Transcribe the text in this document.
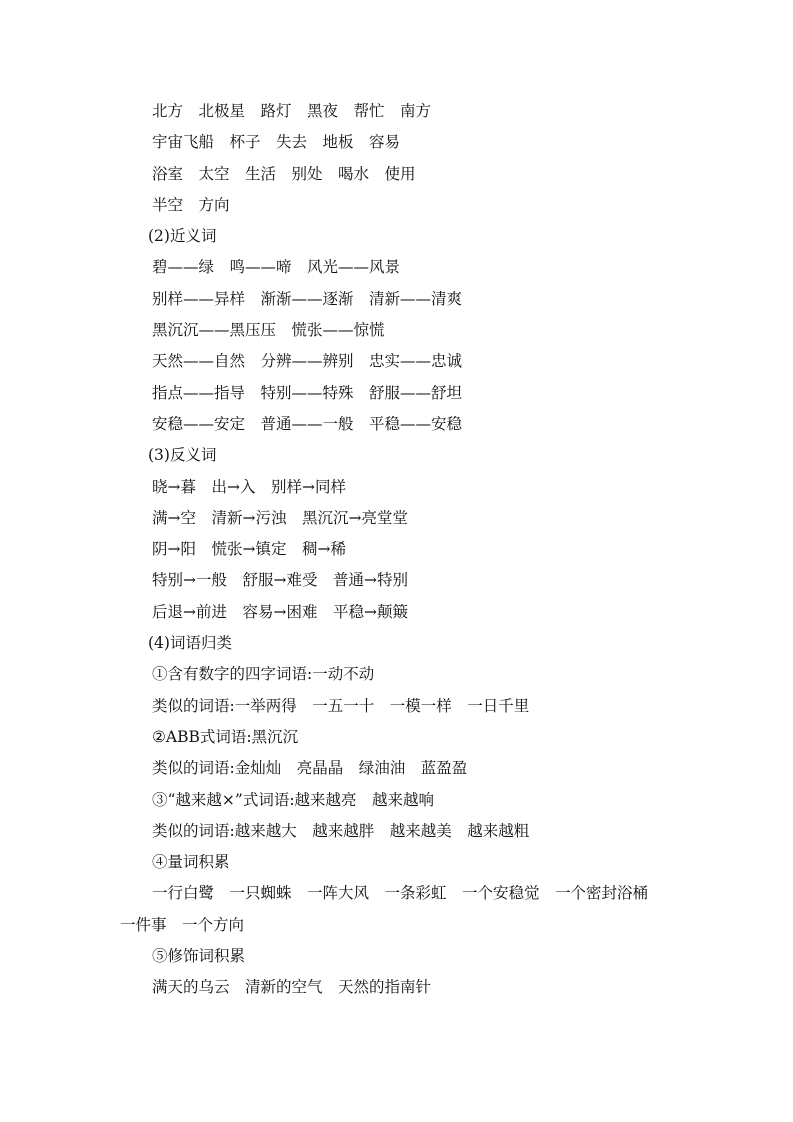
北方　北极星　路灯　黑夜　帮忙　南方
宇宙飞船　杯子　失去　地板　容易
浴室　太空　生活　别处　喝水　使用
半空　方向
(2)近义词
碧——绿　鸣——啼　风光——风景
别样——异样　渐渐——逐渐　清新——清爽
黑沉沉——黑压压　慌张——惊慌
天然——自然　分辨——辨别　忠实——忠诚
指点——指导　特别——特殊　舒服——舒坦
安稳——安定　普通——一般　平稳——安稳
(3)反义词
晓→暮　出→入　别样→同样
满→空　清新→污浊　黑沉沉→亮堂堂
阴→阳　慌张→镇定　稠→稀
特别→一般　舒服→难受　普通→特别
后退→前进　容易→困难　平稳→颠簸
(4)词语归类
①含有数字的四字词语:一动不动
类似的词语:一举两得　一五一十　一模一样　一日千里
②ABB式词语:黑沉沉
类似的词语:金灿灿　亮晶晶　绿油油　蓝盈盈
③“越来越×”式词语:越来越亮　越来越响
类似的词语:越来越大　越来越胖　越来越美　越来越粗
④量词积累
一行白鹭　一只蜘蛛　一阵大风　一条彩虹　一个安稳觉　一个密封浴桶
一件事　一个方向
⑤修饰词积累
满天的乌云　清新的空气　天然的指南针
